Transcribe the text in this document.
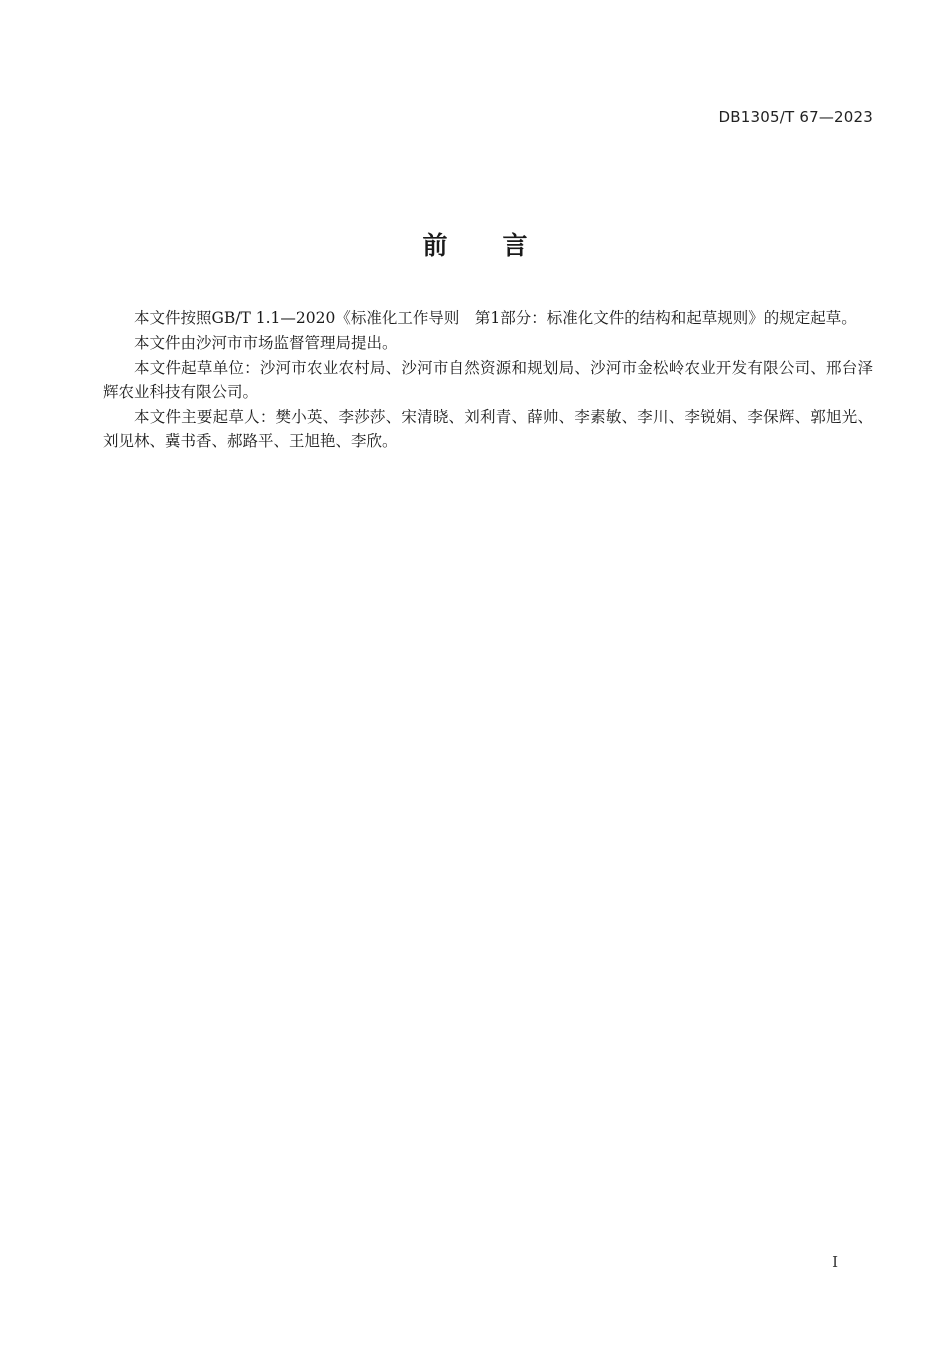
DB1305/T 67—2023
前 言

本文件按照GB/T 1.1—2020《标准化工作导则　第1部分：标准化文件的结构和起草规则》的规定起草。

本文件由沙河市市场监督管理局提出。

本文件起草单位：沙河市农业农村局、沙河市自然资源和规划局、沙河市金松岭农业开发有限公司、邢台泽辉农业科技有限公司。

本文件主要起草人：樊小英、李莎莎、宋清晓、刘利青、薛帅、李素敏、李川、李锐娟、李保辉、郭旭光、刘见林、冀书香、郝路平、王旭艳、李欣。

I
